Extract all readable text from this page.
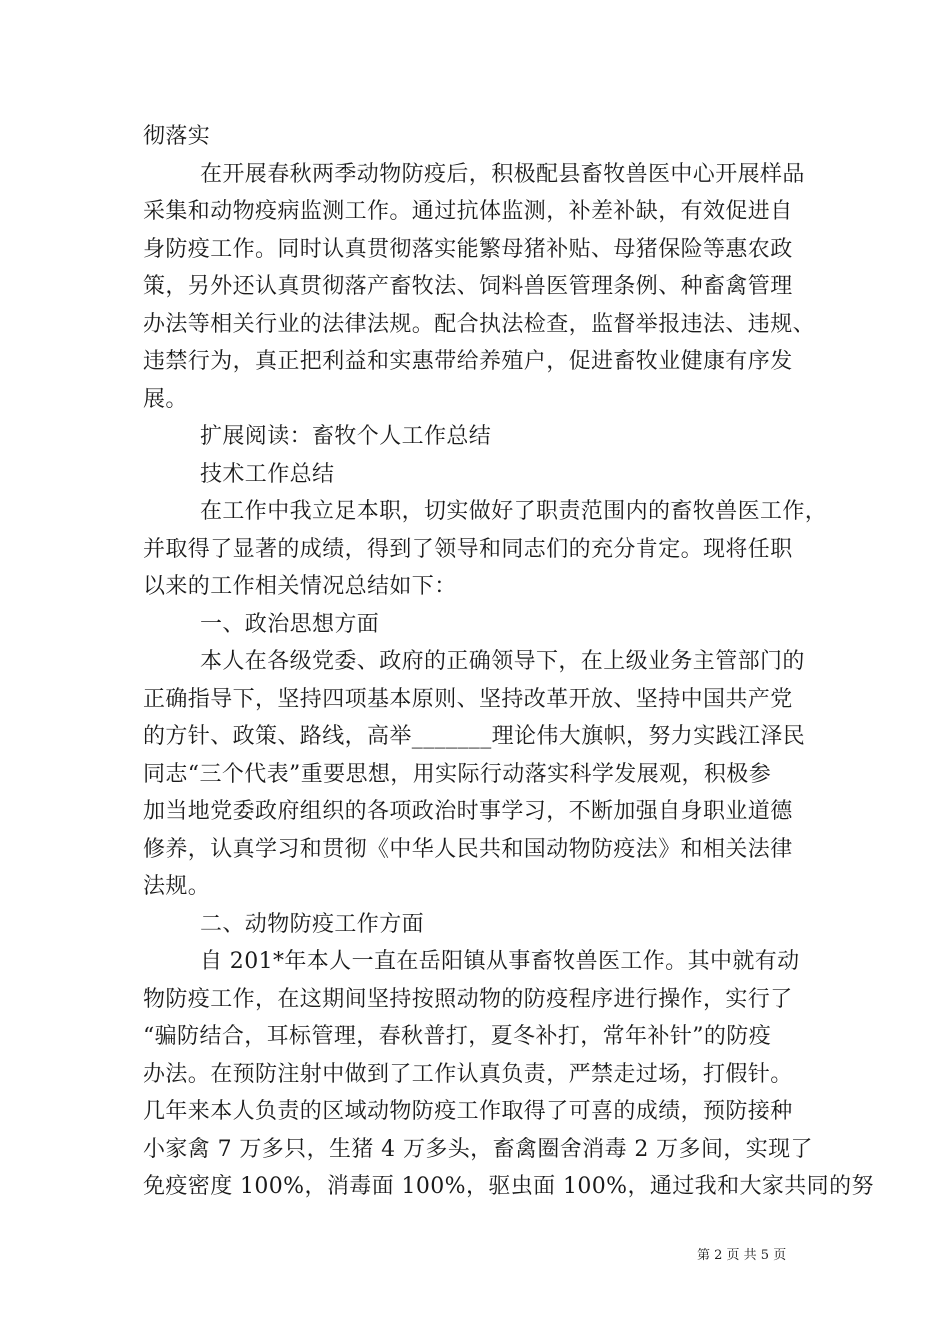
彻落实
在开展春秋两季动物防疫后，积极配县畜牧兽医中心开展样品
采集和动物疫病监测工作。通过抗体监测，补差补缺，有效促进自
身防疫工作。同时认真贯彻落实能繁母猪补贴、母猪保险等惠农政
策，另外还认真贯彻落产畜牧法、饲料兽医管理条例、种畜禽管理
办法等相关行业的法律法规。配合执法检查，监督举报违法、违规、
违禁行为，真正把利益和实惠带给养殖户，促进畜牧业健康有序发
展。
扩展阅读：畜牧个人工作总结
技术工作总结
在工作中我立足本职，切实做好了职责范围内的畜牧兽医工作，
并取得了显著的成绩，得到了领导和同志们的充分肯定。现将任职
以来的工作相关情况总结如下：
一、政治思想方面
本人在各级党委、政府的正确领导下，在上级业务主管部门的
正确指导下，坚持四项基本原则、坚持改革开放、坚持中国共产党
的方针、政策、路线，高举_______理论伟大旗帜，努力实践江泽民
同志“三个代表”重要思想，用实际行动落实科学发展观，积极参
加当地党委政府组织的各项政治时事学习，不断加强自身职业道德
修养，认真学习和贯彻《中华人民共和国动物防疫法》和相关法律
法规。
二、动物防疫工作方面
自 201*年本人一直在岳阳镇从事畜牧兽医工作。其中就有动
物防疫工作，在这期间坚持按照动物的防疫程序进行操作，实行了
“骗防结合，耳标管理，春秋普打，夏冬补打，常年补针”的防疫
办法。在预防注射中做到了工作认真负责，严禁走过场，打假针。
几年来本人负责的区域动物防疫工作取得了可喜的成绩，预防接种
小家禽 7 万多只，生猪 4 万多头，畜禽圈舍消毒 2 万多间，实现了
免疫密度 100%，消毒面 100%，驱虫面 100%，通过我和大家共同的努
第 2 页 共 5 页
